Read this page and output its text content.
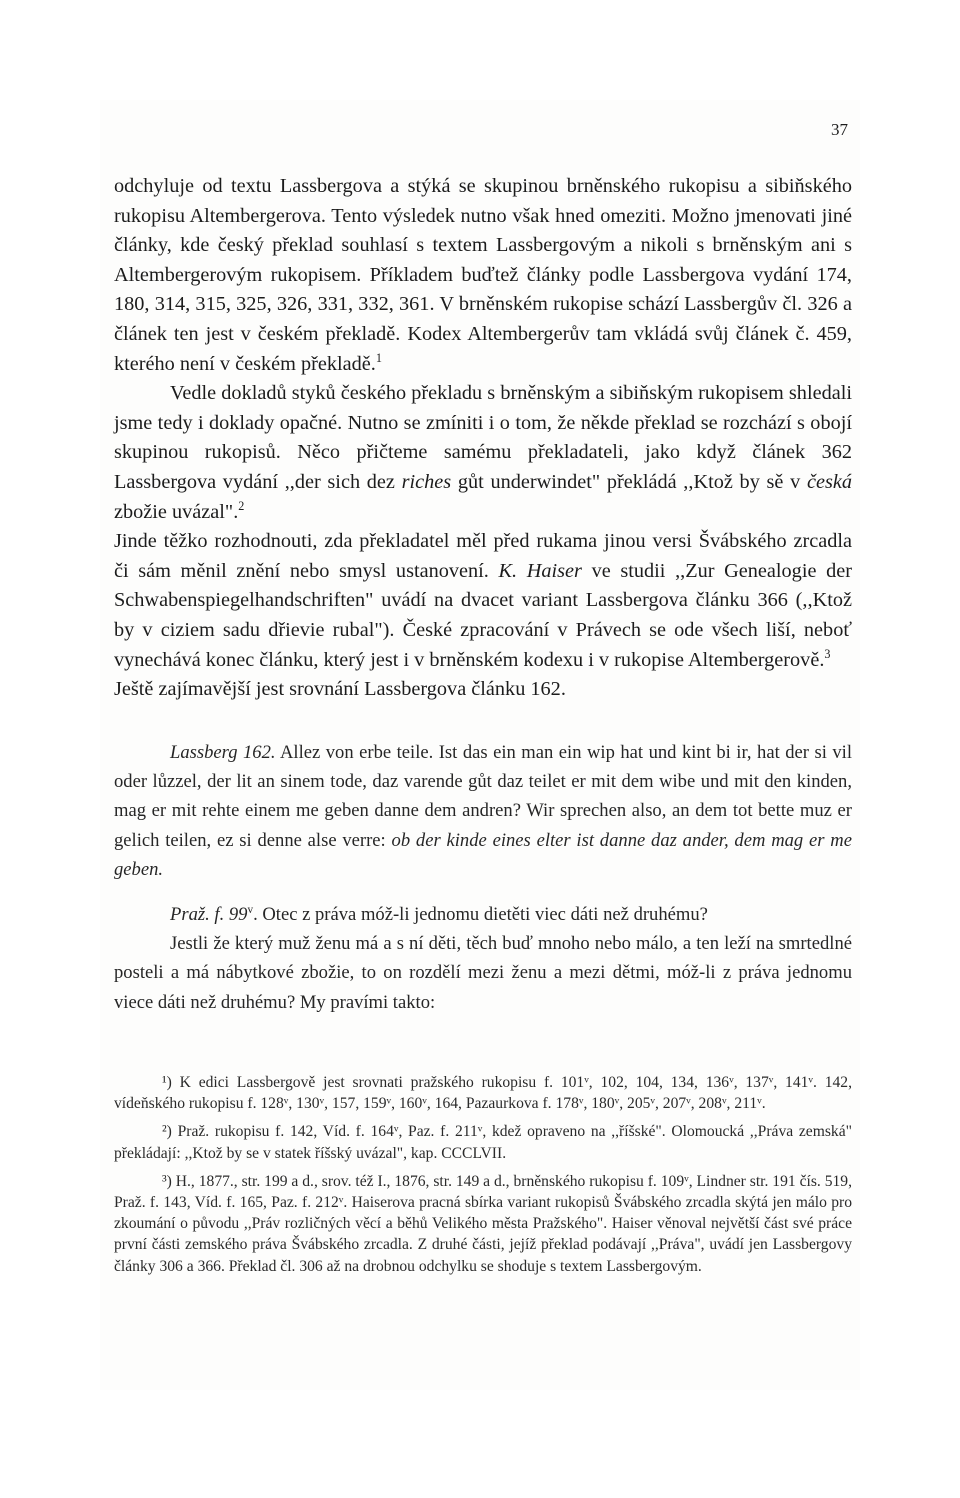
37

odchyluje od textu Lassbergova a stýká se skupinou brněnského rukopisu a sibiňského rukopisu Altembergerova. Tento výsledek nutno však hned omeziti. Možno jmenovati jiné články, kde český překlad souhlasí s textem Lassbergovým a nikoli s brněnským ani s Altembergerovým rukopisem. Příkladem buďtež články podle Lassbergova vydání 174, 180, 314, 315, 325, 326, 331, 332, 361. V brněnském rukopise schází Lassbergův čl. 326 a článek ten jest v českém překladě. Kodex Altembergerův tam vkládá svůj článek č. 459, kterého není v českém překladě.$^1$

Vedle dokladů styků českého překladu s brněnským a sibiňským rukopisem shledali jsme tedy i doklady opačné. Nutno se zmíniti i o tom, že někde překlad se rozchází s obojí skupinou rukopisů. Něco přičteme samému překladateli, jako když článek 362 Lassbergova vydání ,,der sich dez riches gůt underwindet" překládá ,,Ktož by sě v česká zbožie uvázal".$^2$

Jinde těžko rozhodnouti, zda překladatel měl před rukama jinou versi Švábského zrcadla či sám měnil znění nebo smysl ustanovení. K. Haiser ve studii ,,Zur Genealogie der Schwabenspiegelhandschriften" uvádí na dvacet variant Lassbergova článku 366 (,,Ktož by v ciziem sadu dřievie rubal"). České zpracování v Právech se ode všech liší, neboť vynechává konec článku, který jest i v brněnském kodexu i v rukopise Altembergerově.$^3$

Ještě zajímavější jest srovnání Lassbergova článku 162.

Lassberg 162. Allez von erbe teile. Ist das ein man ein wip hat und kint bi ir, hat der si vil oder lůzzel, der lit an sinem tode, daz varende gůt daz teilet er mit dem wibe und mit den kinden, mag er mit rehte einem me geben danne dem andren? Wir sprechen also, an dem tot bette muz er gelich teilen, ez si denne alse verre: ob der kinde eines elter ist danne daz ander, dem mag er me geben.

Praž. f. 99$^v$. Otec z práva móž-li jednomu dietěti viec dáti než druhému?

Jestli že který muž ženu má a s ní děti, těch buď mnoho nebo málo, a ten leží na smrtedlné posteli a má nábytkové zbožie, to on rozdělí mezi ženu a mezi dětmi, móž-li z práva jednomu viece dáti než druhému? My pravími takto:

¹) K edici Lassbergově jest srovnati pražského rukopisu f. 101ᵛ, 102, 104, 134, 136ᵛ, 137ᵛ, 141ᵛ. 142, vídeňského rukopisu f. 128ᵛ, 130ᵛ, 157, 159ᵛ, 160ᵛ, 164, Pazaurkova f. 178ᵛ, 180ᵛ, 205ᵛ, 207ᵛ, 208ᵛ, 211ᵛ.

²) Praž. rukopisu f. 142, Víd. f. 164ᵛ, Paz. f. 211ᵛ, kdež opraveno na ,,říšské". Olomoucká ,,Práva zemská" překládají: ,,Ktož by se v statek říšský uvázal", kap. CCCLVII.

³) H., 1877., str. 199 a d., srov. též I., 1876, str. 149 a d., brněnského rukopisu f. 109ᵛ, Lindner str. 191 čís. 519, Praž. f. 143, Víd. f. 165, Paz. f. 212ᵛ. Haiserova pracná sbírka variant rukopisů Švábského zrcadla skýtá jen málo pro zkoumání o původu ,,Práv rozličných věcí a běhů Velikého města Pražského". Haiser věnoval největší část své práce první části zemského práva Švábského zrcadla. Z druhé části, jejíž překlad podávají ,,Práva", uvádí jen Lassbergovy články 306 a 366. Překlad čl. 306 až na drobnou odchylku se shoduje s textem Lassbergovým.
